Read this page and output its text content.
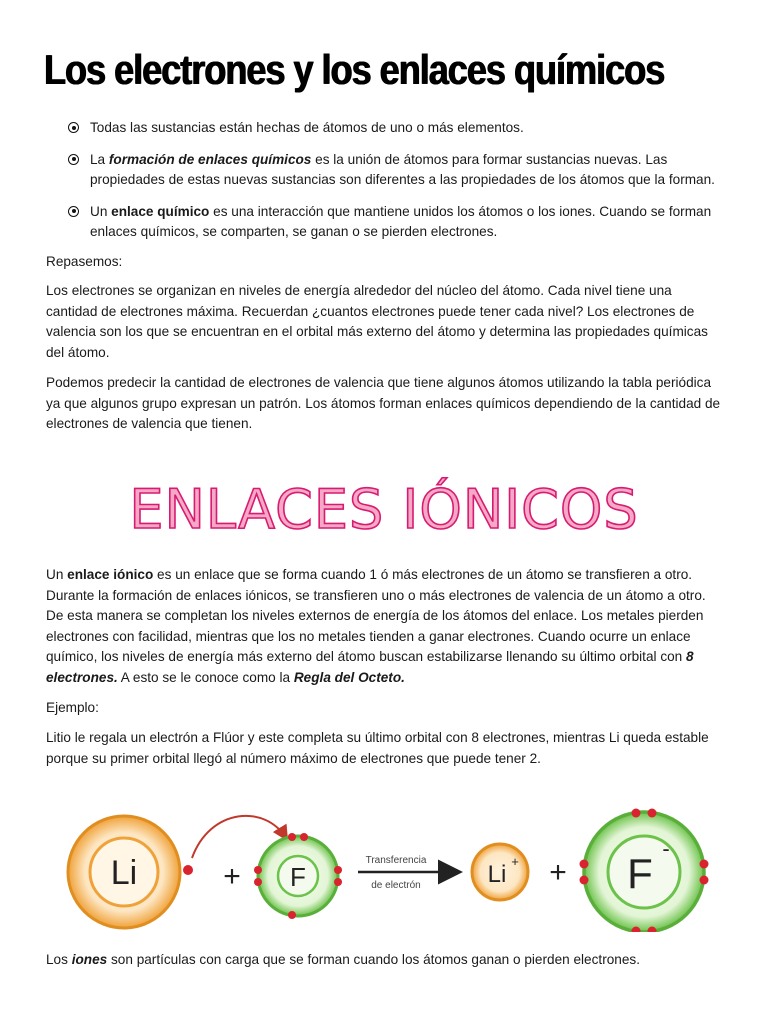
Los electrones y los enlaces químicos
Todas las sustancias están hechas de átomos de uno o más elementos.
La formación de enlaces químicos es la unión de átomos para formar sustancias nuevas. Las propiedades de estas nuevas sustancias son diferentes a las propiedades de los átomos que la forman.
Un enlace químico es una interacción que mantiene unidos los átomos o los iones. Cuando se forman enlaces químicos, se comparten, se ganan o se pierden electrones.

Repasemos:

Los electrones se organizan en niveles de energía alrededor del núcleo del átomo. Cada nivel tiene una cantidad de electrones máxima. Recuerdan ¿cuantos electrones puede tener cada nivel? Los electrones de valencia son los que se encuentran en el orbital más externo del átomo y determina las propiedades químicas del átomo.

Podemos predecir la cantidad de electrones de valencia que tiene algunos átomos utilizando la tabla periódica ya que algunos grupo expresan un patrón. Los átomos forman enlaces químicos dependiendo de la cantidad de electrones de valencia que tienen.

ENLACES IÓNICOS

Un enlace iónico es un enlace que se forma cuando 1 ó más electrones de un átomo se transfieren a otro. Durante la formación de enlaces iónicos, se transfieren uno o más electrones de valencia de un átomo a otro. De esta manera se completan los niveles externos de energía de los átomos del enlace. Los metales pierden electrones con facilidad, mientras que los no metales tienden a ganar electrones. Cuando ocurre un enlace químico, los niveles de energía más externo del átomo buscan estabilizarse llenando su último orbital con 8 electrones. A esto se le conoce como la Regla del Octeto.

Ejemplo:

Litio le regala un electrón a Flúor y este completa su último orbital con 8 electrones, mientras Li queda estable porque su primer orbital llegó al número máximo de electrones que puede tener 2.

Li	+ F
Transferencia
de electrón	Li + + F
-

Los iones son partículas con carga que se forman cuando los átomos ganan o pierden electrones.
